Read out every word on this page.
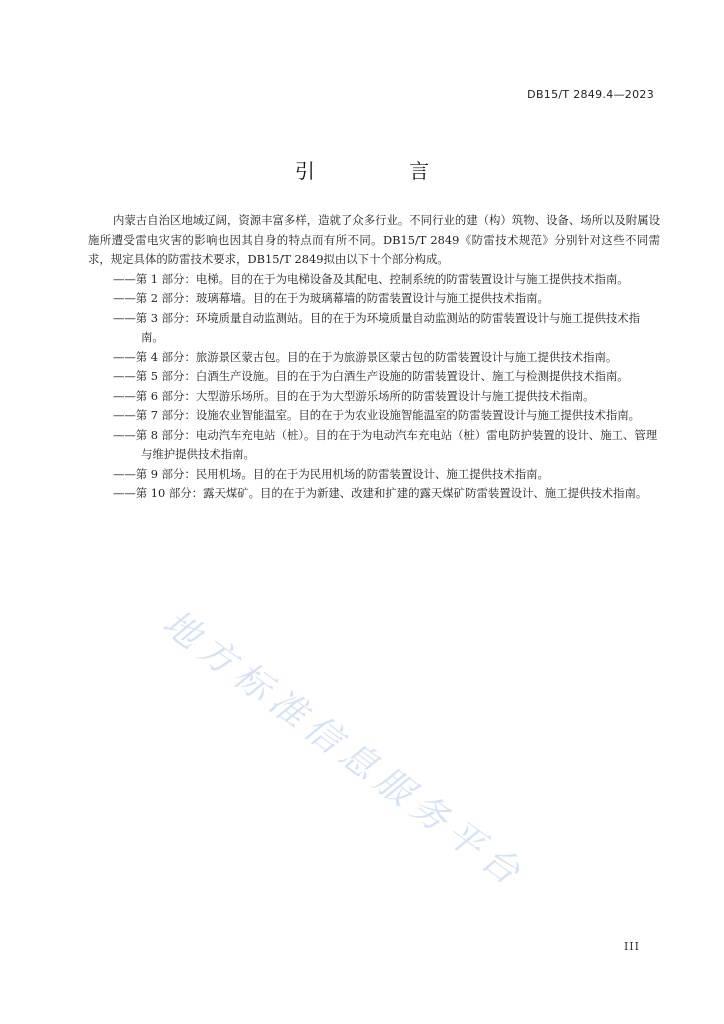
DB15/T 2849.4—2023
引 言

内蒙古自治区地域辽阔，资源丰富多样，造就了众多行业。不同行业的建（构）筑物、设备、场所以及附属设施所遭受雷电灾害的影响也因其自身的特点而有所不同。DB15/T 2849《防雷技术规范》分别针对这些不同需求，规定具体的防雷技术要求，DB15/T 2849拟由以下十个部分构成。

——第 1 部分：电梯。目的在于为电梯设备及其配电、控制系统的防雷装置设计与施工提供技术指南。

——第 2 部分：玻璃幕墙。目的在于为玻璃幕墙的防雷装置设计与施工提供技术指南。

——第 3 部分：环境质量自动监测站。目的在于为环境质量自动监测站的防雷装置设计与施工提供技术指南。

——第 4 部分：旅游景区蒙古包。目的在于为旅游景区蒙古包的防雷装置设计与施工提供技术指南。

——第 5 部分：白酒生产设施。目的在于为白酒生产设施的防雷装置设计、施工与检测提供技术指南。

——第 6 部分：大型游乐场所。目的在于为大型游乐场所的防雷装置设计与施工提供技术指南。

——第 7 部分：设施农业智能温室。目的在于为农业设施智能温室的防雷装置设计与施工提供技术指南。

——第 8 部分：电动汽车充电站（桩）。目的在于为电动汽车充电站（桩）雷电防护装置的设计、施工、管理与维护提供技术指南。

——第 9 部分：民用机场。目的在于为民用机场的防雷装置设计、施工提供技术指南。

——第 10 部分：露天煤矿。目的在于为新建、改建和扩建的露天煤矿防雷装置设计、施工提供技术指南。

地方标准信息服务平台
III
